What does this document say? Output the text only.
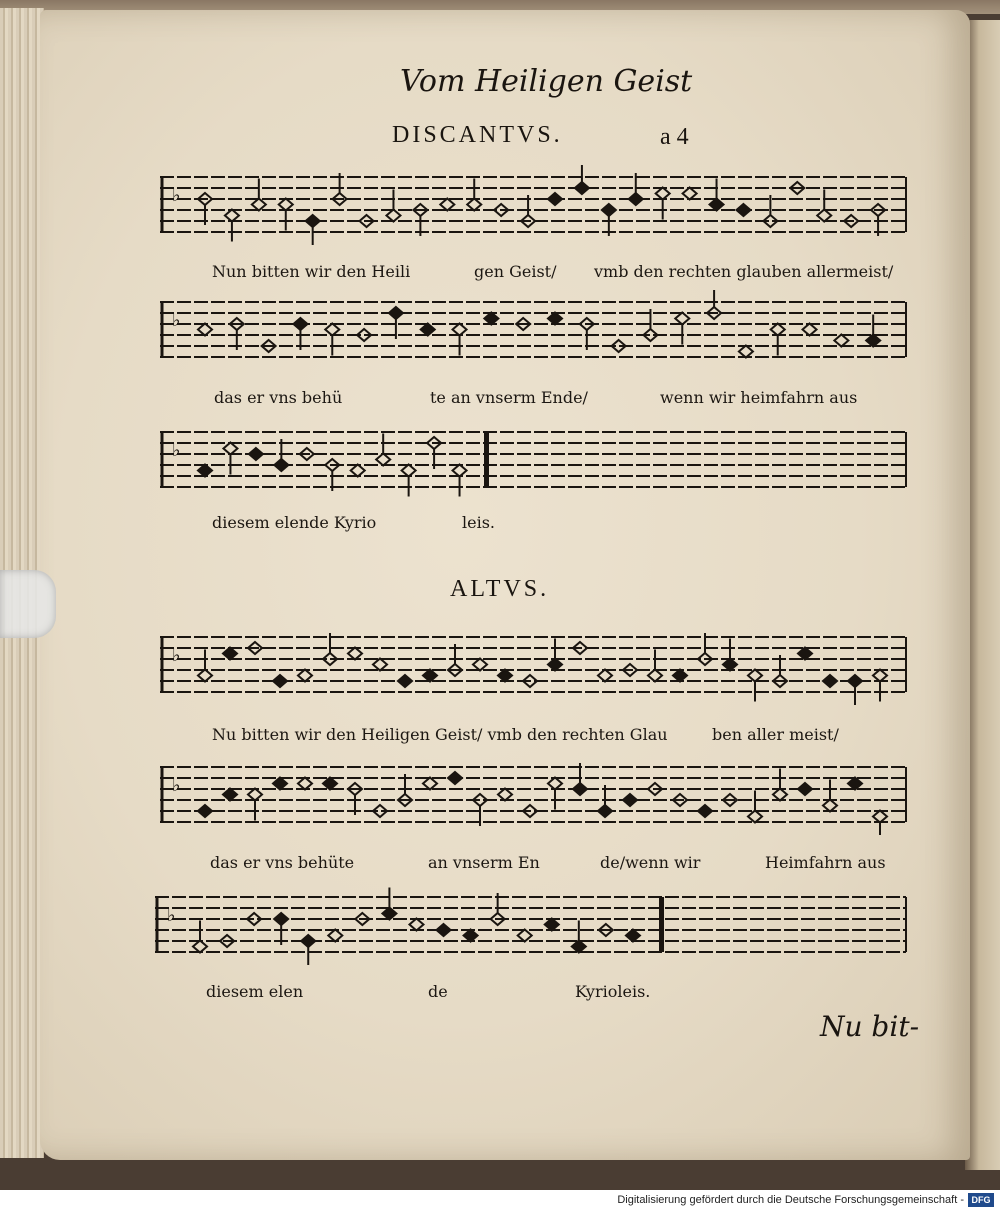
Vom Heiligen Geist
DISCANTVS.	a 4
♭
Nun bitten wir den Heili	gen Geist/ vmb den rechten glauben allermeist/
♭
das er vns behü	te an vnserm Ende/	wenn wir heimfahrn aus
♭
diesem elende Kyrio	leis.
ALTVS.
♭
Nu bitten wir den Heiligen Geist/ vmb den rechten Glau	ben aller meist/
♭
das er vns behüte	an vnserm En	de/wenn wir	Heimfahrn aus
♭
diesem elen	de	Kyrioleis.
Nu bit-
Digitalisierung gefördert durch die Deutsche Forschungsgemeinschaft - DFG
